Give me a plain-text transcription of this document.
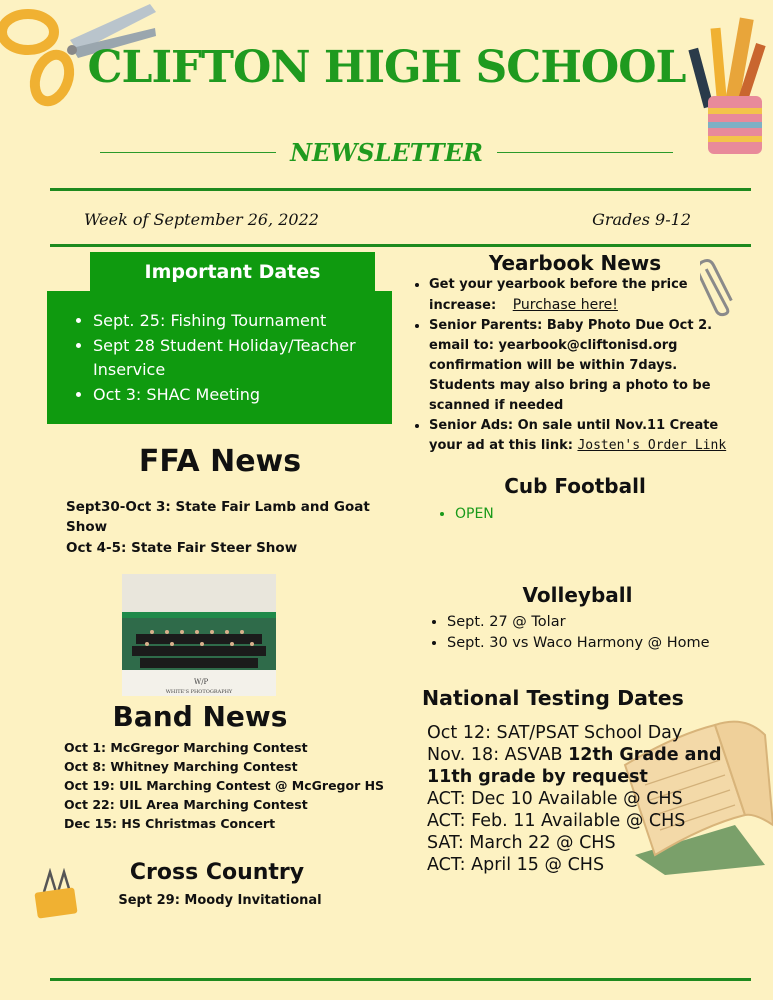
CLIFTON HIGH SCHOOL
NEWSLETTER
Week of September 26, 2022	Grades 9-12
• Sept. 25: Fishing Tournament
• Sept 28 Student Holiday/Teacher Inservice
• Oct 3: SHAC Meeting
Important Dates
FFA News
Sept30-Oct 3: State Fair Lamb and Goat Show
Oct 4-5: State Fair Steer Show
W/P
WHITE'S PHOTOGRAPHY
Band News
Oct 1: McGregor Marching Contest
Oct 8: Whitney Marching Contest
Oct 19: UIL Marching Contest @ McGregor HS
Oct 22: UIL Area Marching Contest
Dec 15: HS Christmas Concert
Cross Country
Sept 29: Moody Invitational
Yearbook News
• Get your yearbook before the price increase: Purchase here!
• Senior Parents: Baby Photo Due Oct 2. email to: yearbook@cliftonisd.org confirmation will be within 7days. Students may also bring a photo to be scanned if needed
• Senior Ads: On sale until Nov.11 Create your ad at this link: Josten's Order Link
Cub Football
• OPEN
Volleyball
• Sept. 27 @ Tolar
• Sept. 30 vs Waco Harmony @ Home
National Testing Dates
Oct 12: SAT/PSAT School Day
Nov. 18: ASVAB 12th Grade and 11th grade by request
ACT: Dec 10 Available @ CHS
ACT: Feb. 11 Available @ CHS
SAT: March 22 @ CHS
ACT: April 15 @ CHS
